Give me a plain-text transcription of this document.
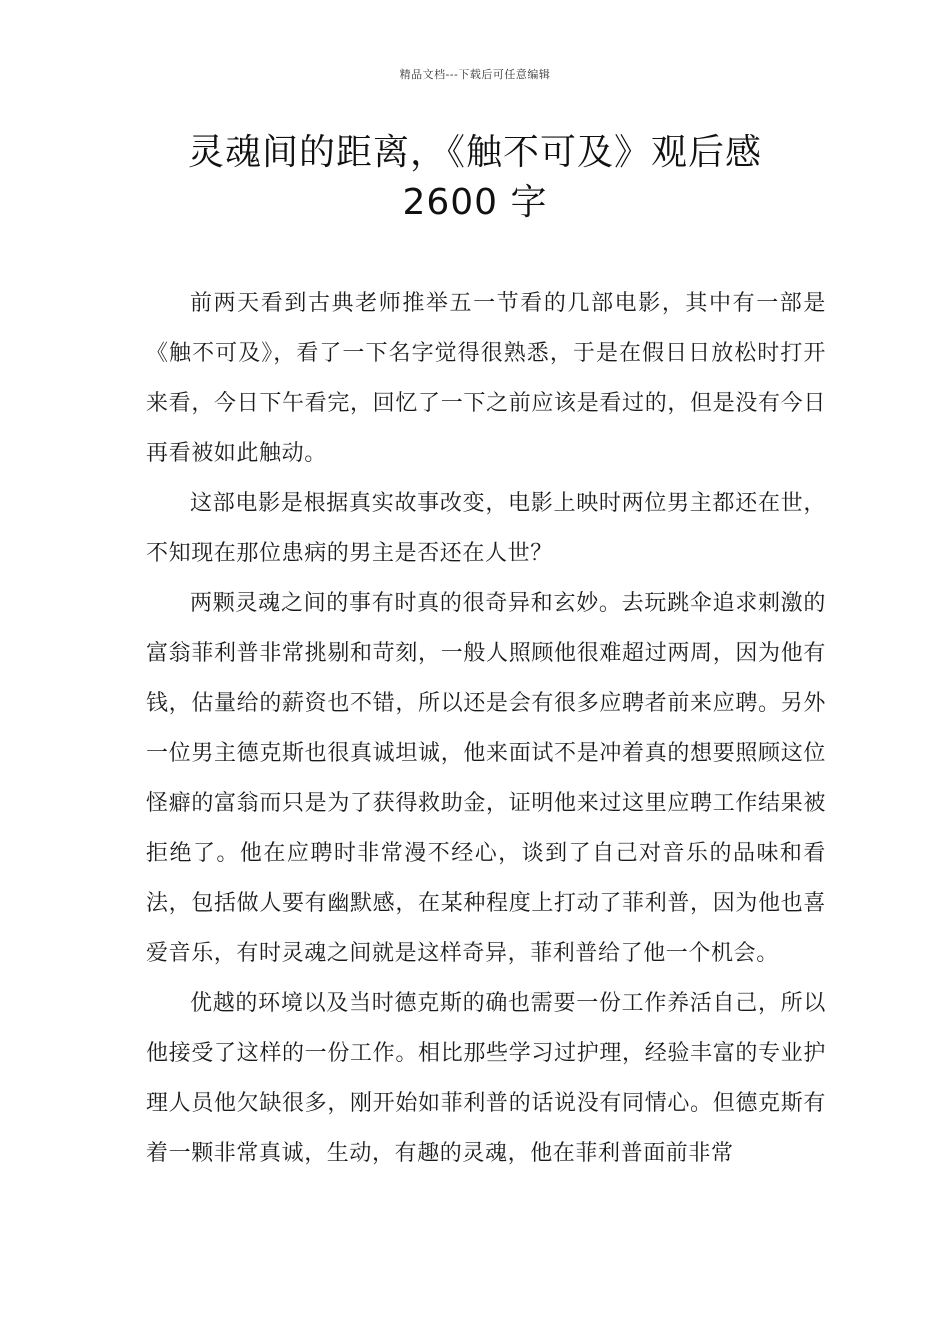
精品文档---下载后可任意编辑
灵魂间的距离，《触不可及》观后感
2600 字

前两天看到古典老师推举五一节看的几部电影，其中有一部是《触不可及》，看了一下名字觉得很熟悉，于是在假日日放松时打开来看，今日下午看完，回忆了一下之前应该是看过的，但是没有今日再看被如此触动。

这部电影是根据真实故事改变，电影上映时两位男主都还在世，不知现在那位患病的男主是否还在人世？

两颗灵魂之间的事有时真的很奇异和玄妙。去玩跳伞追求刺激的富翁菲利普非常挑剔和苛刻，一般人照顾他很难超过两周，因为他有钱，估量给的薪资也不错，所以还是会有很多应聘者前来应聘。另外一位男主德克斯也很真诚坦诚，他来面试不是冲着真的想要照顾这位怪癖的富翁而只是为了获得救助金，证明他来过这里应聘工作结果被拒绝了。他在应聘时非常漫不经心，谈到了自己对音乐的品味和看法，包括做人要有幽默感，在某种程度上打动了菲利普，因为他也喜爱音乐，有时灵魂之间就是这样奇异，菲利普给了他一个机会。

优越的环境以及当时德克斯的确也需要一份工作养活自己，所以他接受了这样的一份工作。相比那些学习过护理，经验丰富的专业护理人员他欠缺很多，刚开始如菲利普的话说没有同情心。但德克斯有着一颗非常真诚，生动，有趣的灵魂，他在菲利普面前非常
